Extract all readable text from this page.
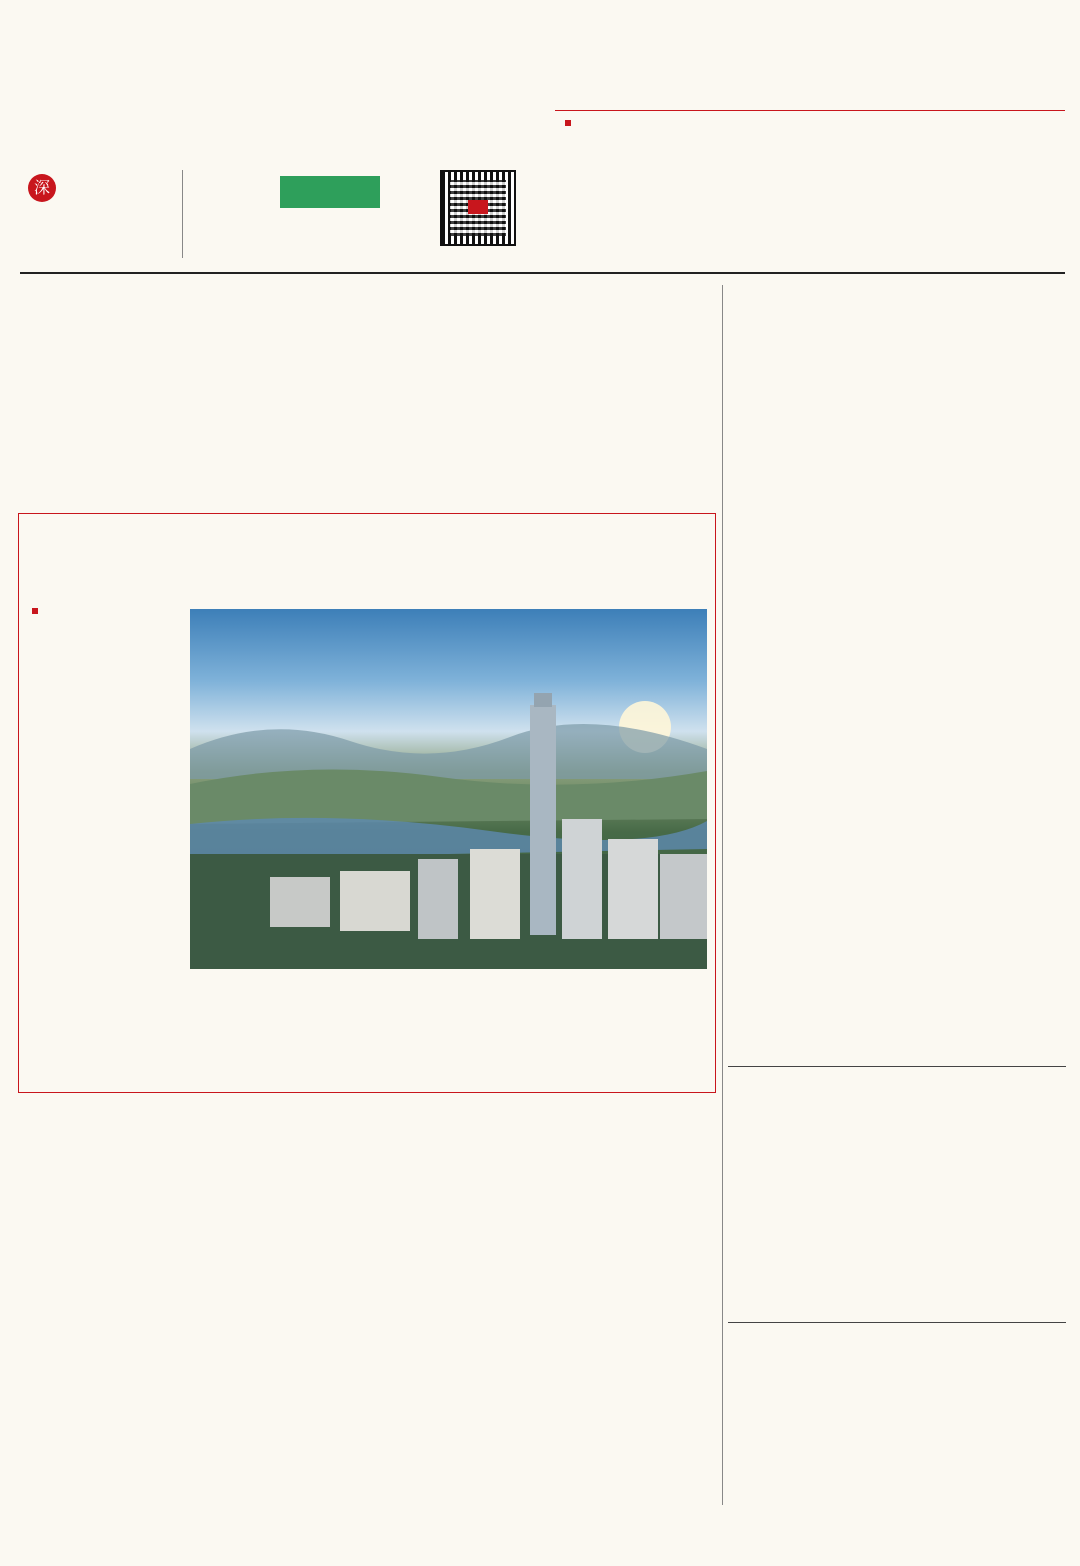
深
